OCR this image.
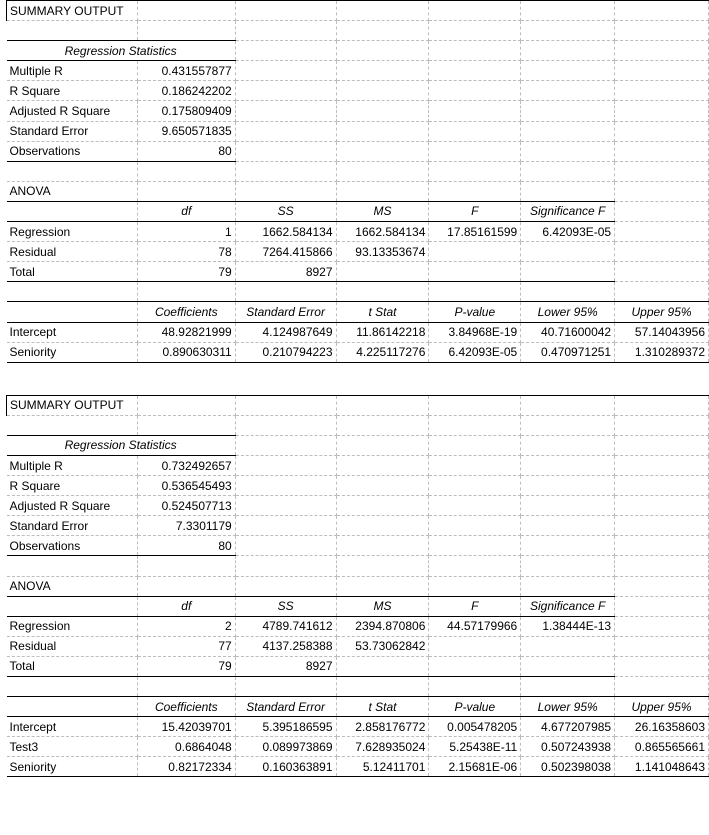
SUMMARY OUTPUT						

Regression Statistics						
Multiple R	0.431557877					
R Square	0.186242202					
Adjusted R Square	0.175809409					
Standard Error	9.650571835					
Observations	80					

ANOVA						
	df	SS	MS	F	Significance F	
Regression	1	1662.584134	1662.584134	17.85161599	6.42093E-05	
Residual	78	7264.415866	93.13353674			
Total	79	8927				

	Coefficients	Standard Error	t Stat	P-value	Lower 95%	Upper 95%
Intercept	48.92821999	4.124987649	11.86142218	3.84968E-19	40.71600042	57.14043956
Seniority	0.890630311	0.210794223	4.225117276	6.42093E-05	0.470971251	1.310289372
SUMMARY OUTPUT						

Regression Statistics						
Multiple R	0.732492657					
R Square	0.536545493					
Adjusted R Square	0.524507713					
Standard Error	7.3301179					
Observations	80					

ANOVA						
	df	SS	MS	F	Significance F	
Regression	2	4789.741612	2394.870806	44.57179966	1.38444E-13	
Residual	77	4137.258388	53.73062842			
Total	79	8927				

	Coefficients	Standard Error	t Stat	P-value	Lower 95%	Upper 95%
Intercept	15.42039701	5.395186595	2.858176772	0.005478205	4.677207985	26.16358603
Test3	0.6864048	0.089973869	7.628935024	5.25438E-11	0.507243938	0.865565661
Seniority	0.82172334	0.160363891	5.12411701	2.15681E-06	0.502398038	1.141048643
